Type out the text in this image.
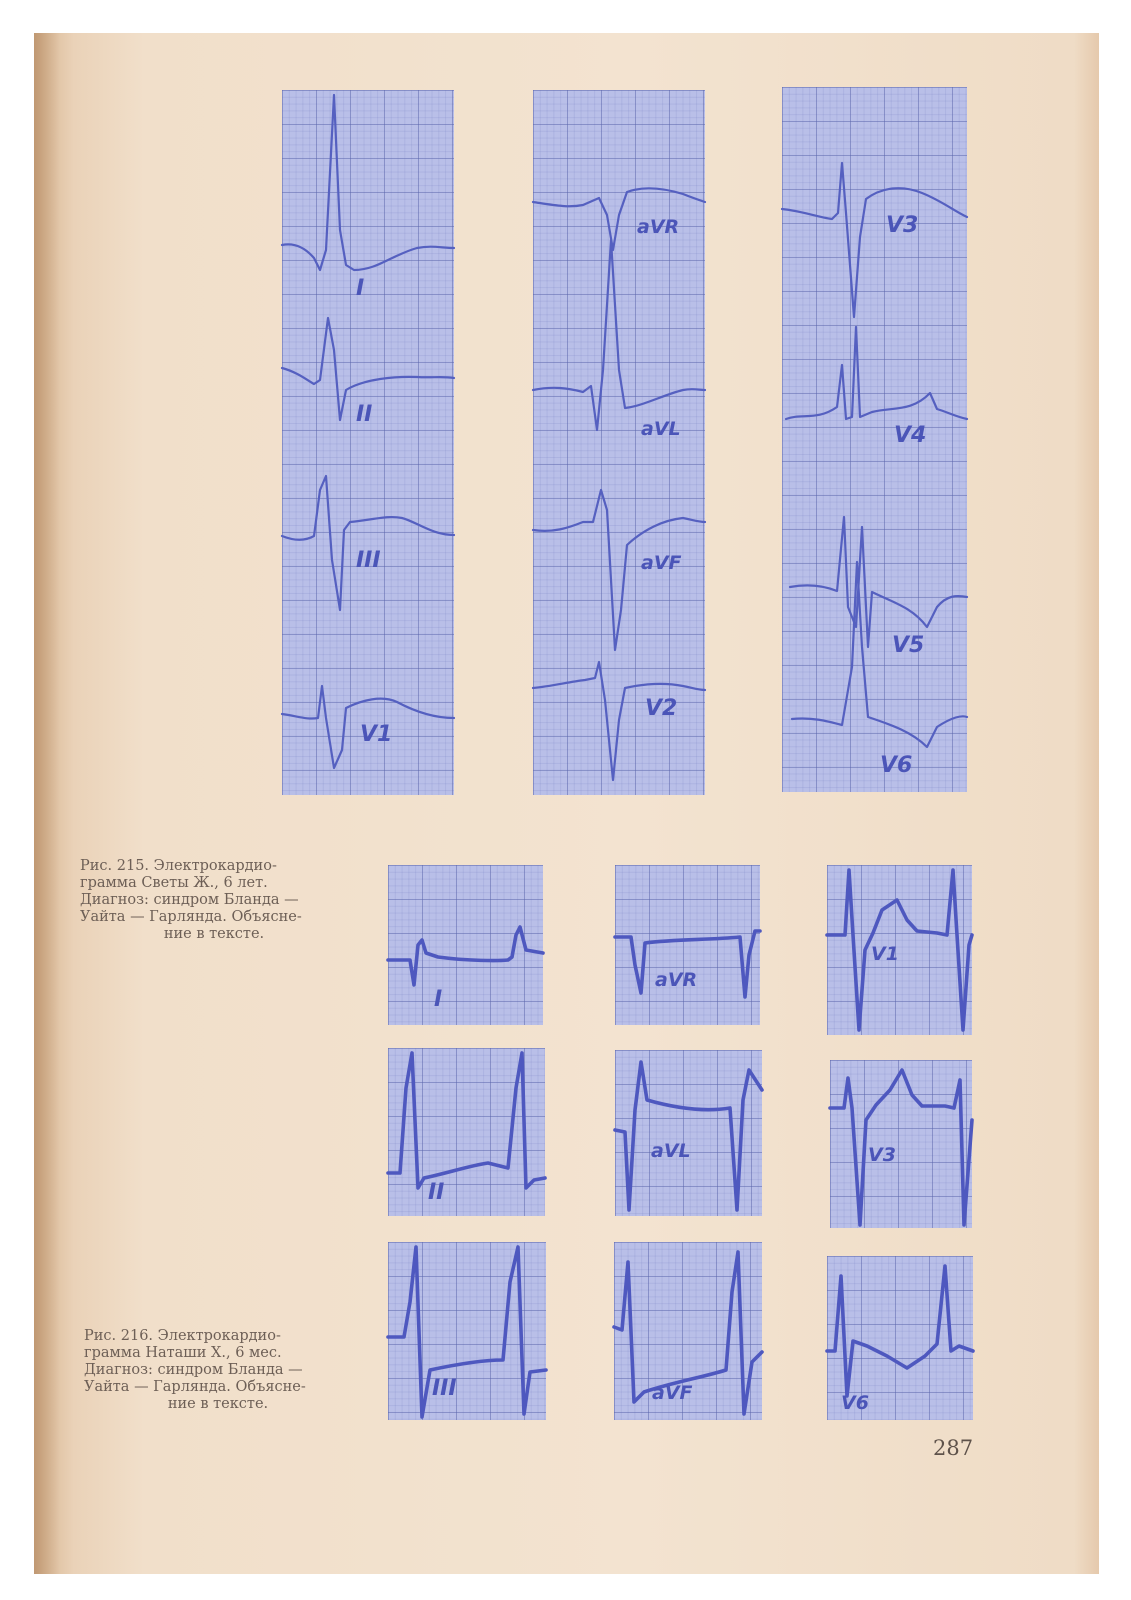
I
II
III
V1
aVR
aVL
aVF
V2
V3
V4
V5
V6
Рис. 215. Электрокардио-
грамма Светы Ж., 6 лет.
Диагноз: синдром Бланда —
Уайта — Гарлянда. Объясне-
ние в тексте.
I
aVR
V1
II
aVL	V3
III	aVF	V6
Рис. 216. Электрокардио-
грамма Наташи Х., 6 мес.
Диагноз: синдром Бланда —
Уайта — Гарлянда. Объясне-
ние в тексте.
287
